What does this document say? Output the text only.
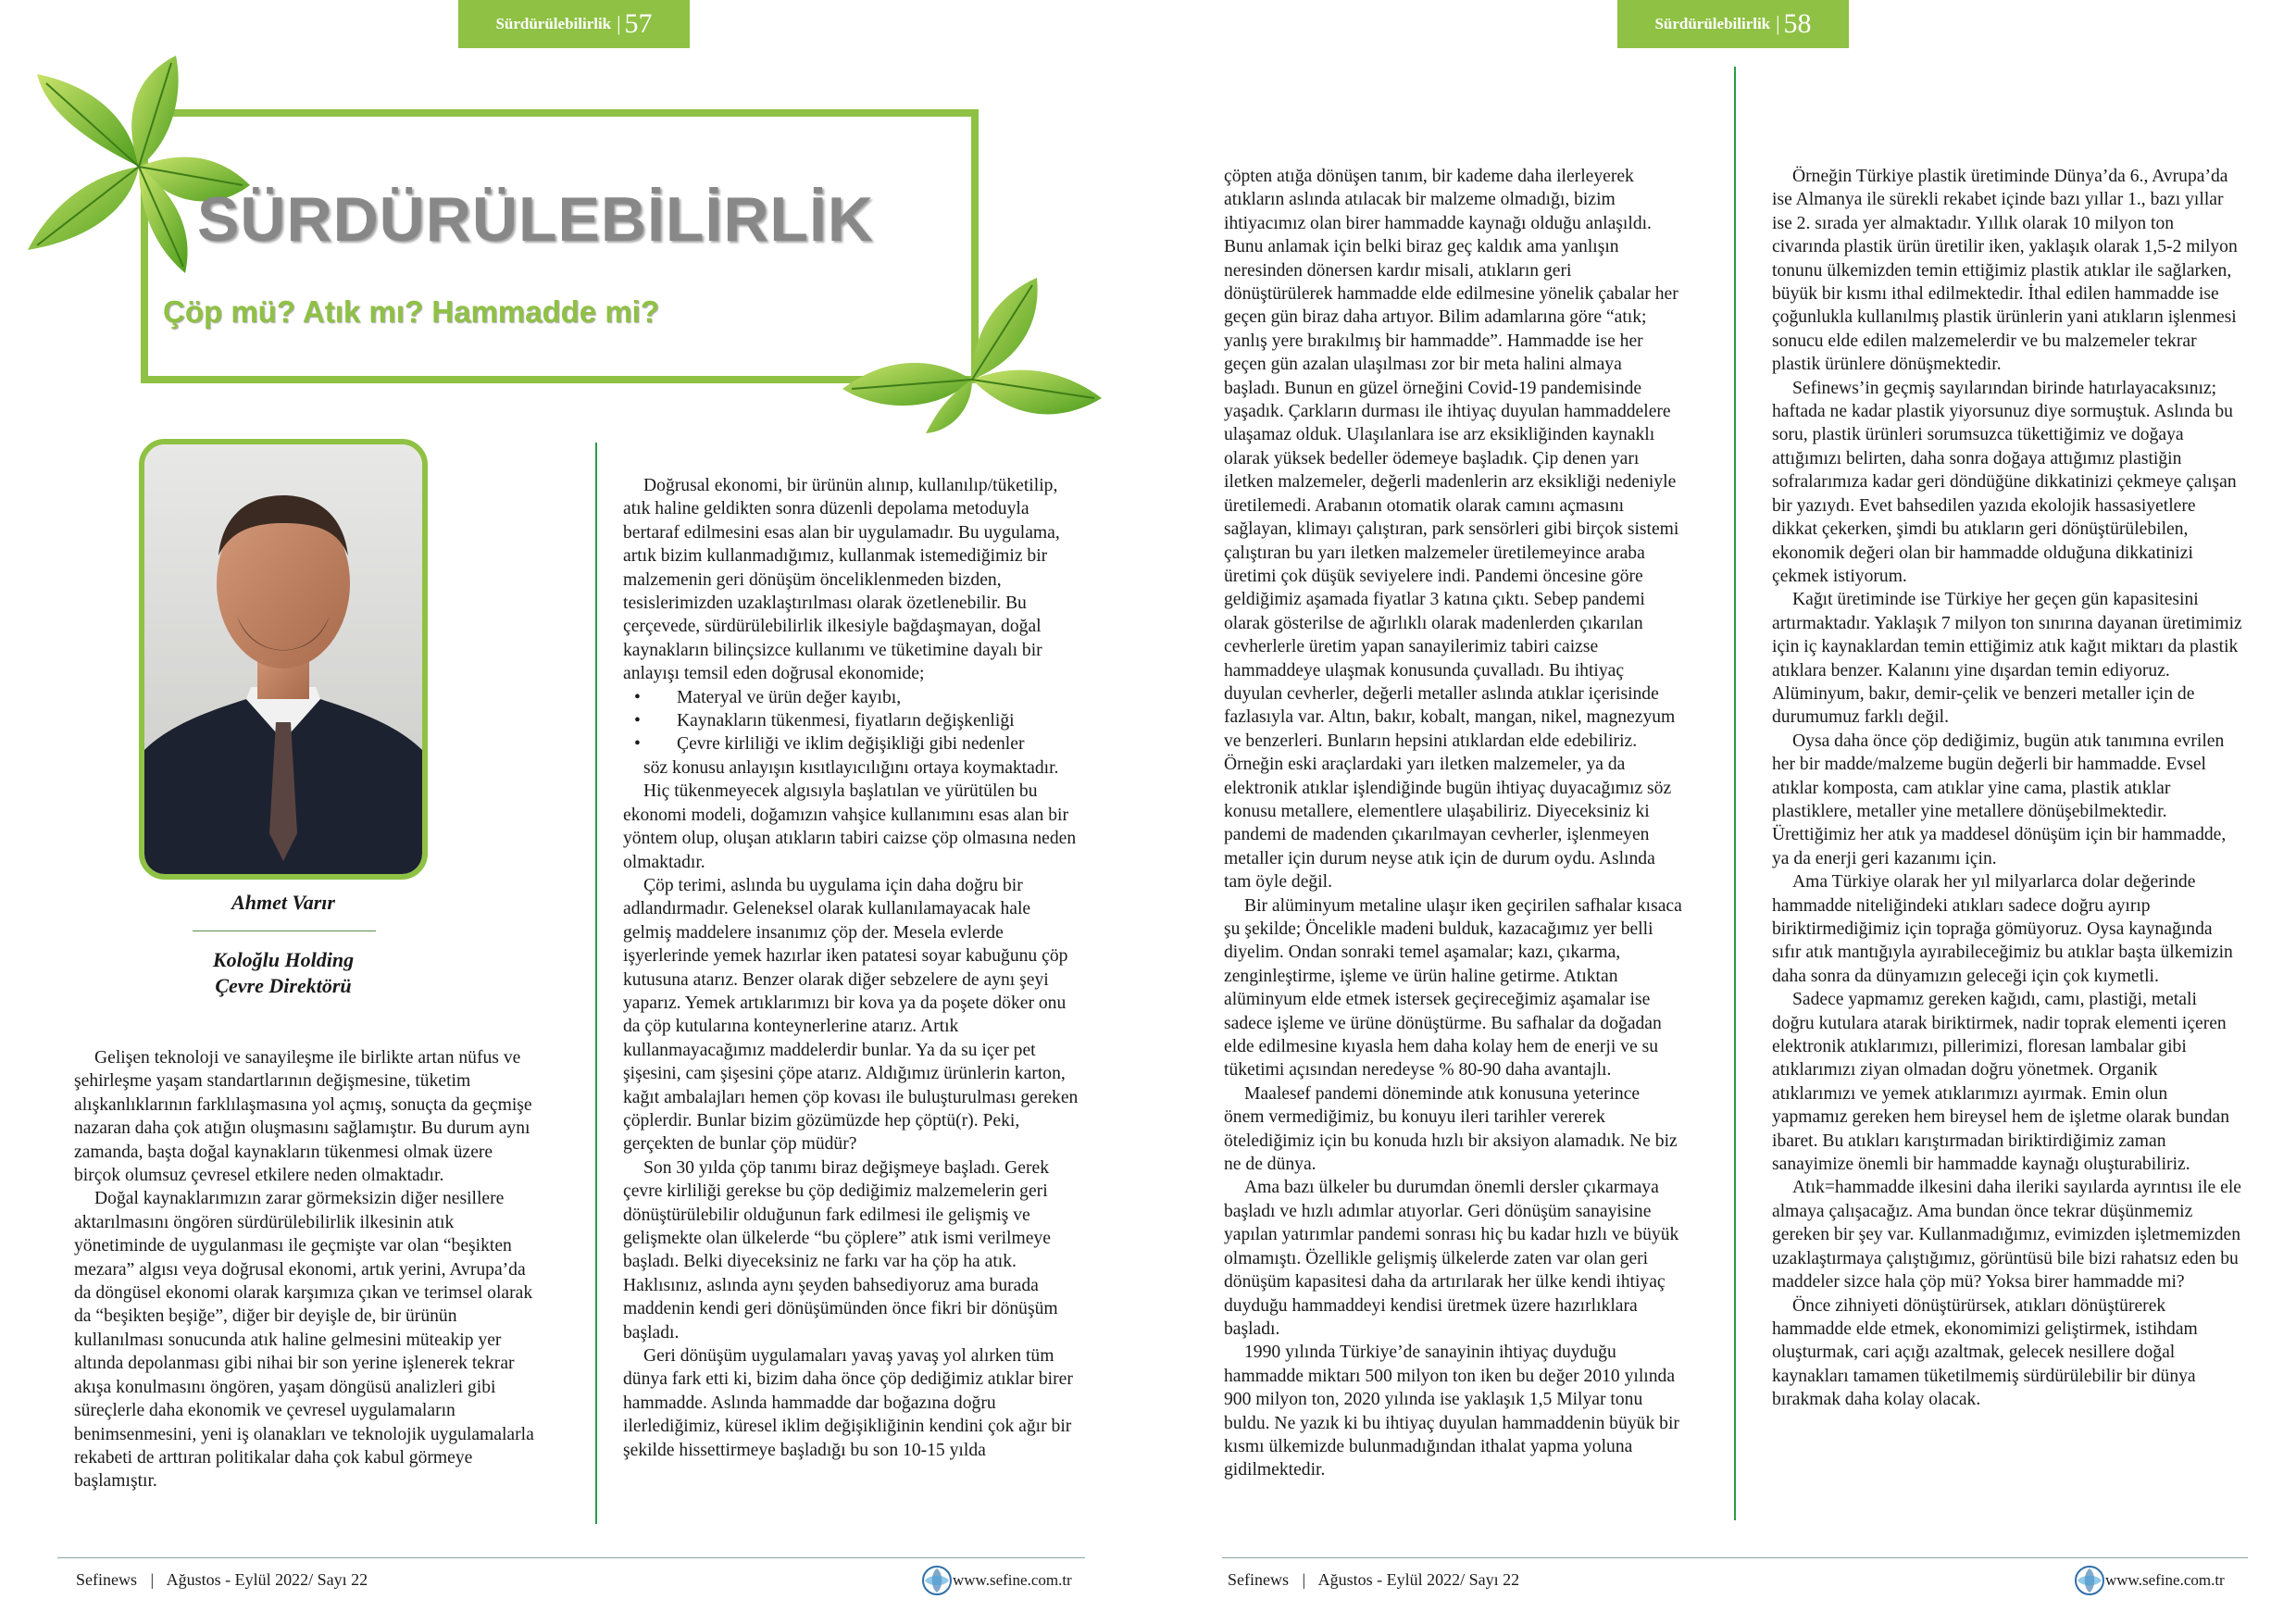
Sürdürülebilirlik | 57
SÜRDÜRÜLEBİLİRLİK
Çöp mü? Atık mı? Hammadde mi?
Ahmet Varır
Koloğlu Holding
Çevre Direktörü

Gelişen teknoloji ve sanayileşme ile birlikte artan nüfus ve şehirleşme yaşam standartlarının değişmesine, tüketim alışkanlıklarının farklılaşmasına yol açmış, sonuçta da geçmişe nazaran daha çok atığın oluşmasını sağlamıştır. Bu durum aynı zamanda, başta doğal kaynakların tükenmesi olmak üzere birçok olumsuz çevresel etkilere neden olmaktadır.

Doğal kaynaklarımızın zarar görmeksizin diğer nesillere aktarılmasını öngören sürdürülebilirlik ilkesinin atık yönetiminde de uygulanması ile geçmişte var olan “beşikten mezara” algısı veya doğrusal ekonomi, artık yerini, Avrupa’da da döngüsel ekonomi olarak karşımıza çıkan ve terimsel olarak da “beşikten beşiğe”, diğer bir deyişle de, bir ürünün kullanılması sonucunda atık haline gelmesini müteakip yer altında depolanması gibi nihai bir son yerine işlenerek tekrar akışa konulmasını öngören, yaşam döngüsü analizleri gibi süreçlerle daha ekonomik ve çevresel uygulamaların benimsenmesini, yeni iş olanakları ve teknolojik uygulamalarla rekabeti de arttıran politikalar daha çok kabul görmeye başlamıştır.

Doğrusal ekonomi, bir ürünün alınıp, kullanılıp/tüketilip, atık haline geldikten sonra düzenli depolama metoduyla bertaraf edilmesini esas alan bir uygulamadır. Bu uygulama, artık bizim kullanmadığımız, kullanmak istemediğimiz bir malzemenin geri dönüşüm önceliklenmeden bizden, tesislerimizden uzaklaştırılması olarak özetlenebilir. Bu çerçevede, sürdürülebilirlik ilkesiyle bağdaşmayan, doğal kaynakların bilinçsizce kullanımı ve tüketimine dayalı bir anlayışı temsil eden doğrusal ekonomide;

• Materyal ve ürün değer kayıbı,
• Kaynakların tükenmesi, fiyatların değişkenliği
• Çevre kirliliği ve iklim değişikliği gibi nedenler

söz konusu anlayışın kısıtlayıcılığını ortaya koymaktadır.

Hiç tükenmeyecek algısıyla başlatılan ve yürütülen bu ekonomi modeli, doğamızın vahşice kullanımını esas alan bir yöntem olup, oluşan atıkların tabiri caizse çöp olmasına neden olmaktadır.

Çöp terimi, aslında bu uygulama için daha doğru bir adlandırmadır. Geleneksel olarak kullanılamayacak hale gelmiş maddelere insanımız çöp der. Mesela evlerde işyerlerinde yemek hazırlar iken patatesi soyar kabuğunu çöp kutusuna atarız. Benzer olarak diğer sebzelere de aynı şeyi yaparız. Yemek artıklarımızı bir kova ya da poşete döker onu da çöp kutularına konteynerlerine atarız. Artık kullanmayacağımız maddelerdir bunlar. Ya da su içer pet şişesini, cam şişesini çöpe atarız. Aldığımız ürünlerin karton, kağıt ambalajları hemen çöp kovası ile buluşturulması gereken çöplerdir. Bunlar bizim gözümüzde hep çöptü(r). Peki, gerçekten de bunlar çöp müdür?

Son 30 yılda çöp tanımı biraz değişmeye başladı. Gerek çevre kirliliği gerekse bu çöp dediğimiz malzemelerin geri dönüştürülebilir olduğunun fark edilmesi ile gelişmiş ve gelişmekte olan ülkelerde “bu çöplere” atık ismi verilmeye başladı. Belki diyeceksiniz ne farkı var ha çöp ha atık. Haklısınız, aslında aynı şeyden bahsediyoruz ama burada maddenin kendi geri dönüşümünden önce fikri bir dönüşüm başladı.

Geri dönüşüm uygulamaları yavaş yavaş yol alırken tüm dünya fark etti ki, bizim daha önce çöp dediğimiz atıklar birer hammadde. Aslında hammadde dar boğazına doğru ilerlediğimiz, küresel iklim değişikliğinin kendini çok ağır bir şekilde hissettirmeye başladığı bu son 10-15 yılda

Sefinews | Ağustos - Eylül 2022/ Sayı 22	www.sefine.com.tr
Sürdürülebilirlik | 58

çöpten atığa dönüşen tanım, bir kademe daha ilerleyerek atıkların aslında atılacak bir malzeme olmadığı, bizim ihtiyacımız olan birer hammadde kaynağı olduğu anlaşıldı. Bunu anlamak için belki biraz geç kaldık ama yanlışın neresinden dönersen kardır misali, atıkların geri dönüştürülerek hammadde elde edilmesine yönelik çabalar her geçen gün biraz daha artıyor. Bilim adamlarına göre “atık; yanlış yere bırakılmış bir hammadde”. Hammadde ise her geçen gün azalan ulaşılması zor bir meta halini almaya başladı. Bunun en güzel örneğini Covid-19 pandemisinde yaşadık. Çarkların durması ile ihtiyaç duyulan hammaddelere ulaşamaz olduk. Ulaşılanlara ise arz eksikliğinden kaynaklı olarak yüksek bedeller ödemeye başladık. Çip denen yarı iletken malzemeler, değerli madenlerin arz eksikliği nedeniyle üretilemedi. Arabanın otomatik olarak camını açmasını sağlayan, klimayı çalıştıran, park sensörleri gibi birçok sistemi çalıştıran bu yarı iletken malzemeler üretilemeyince araba üretimi çok düşük seviyelere indi. Pandemi öncesine göre geldiğimiz aşamada fiyatlar 3 katına çıktı. Sebep pandemi olarak gösterilse de ağırlıklı olarak madenlerden çıkarılan cevherlerle üretim yapan sanayilerimiz tabiri caizse hammaddeye ulaşmak konusunda çuvalladı. Bu ihtiyaç duyulan cevherler, değerli metaller aslında atıklar içerisinde fazlasıyla var. Altın, bakır, kobalt, mangan, nikel, magnezyum ve benzerleri. Bunların hepsini atıklardan elde edebiliriz. Örneğin eski araçlardaki yarı iletken malzemeler, ya da elektronik atıklar işlendiğinde bugün ihtiyaç duyacağımız söz konusu metallere, elementlere ulaşabiliriz. Diyeceksiniz ki pandemi de madenden çıkarılmayan cevherler, işlenmeyen metaller için durum neyse atık için de durum oydu. Aslında tam öyle değil.

Bir alüminyum metaline ulaşır iken geçirilen safhalar kısaca şu şekilde; Öncelikle madeni bulduk, kazacağımız yer belli diyelim. Ondan sonraki temel aşamalar; kazı, çıkarma, zenginleştirme, işleme ve ürün haline getirme. Atıktan alüminyum elde etmek istersek geçireceğimiz aşamalar ise sadece işleme ve ürüne dönüştürme. Bu safhalar da doğadan elde edilmesine kıyasla hem daha kolay hem de enerji ve su tüketimi açısından neredeyse % 80-90 daha avantajlı.

Maalesef pandemi döneminde atık konusuna yeterince önem vermediğimiz, bu konuyu ileri tarihler vererek ötelediğimiz için bu konuda hızlı bir aksiyon alamadık. Ne biz ne de dünya.

Ama bazı ülkeler bu durumdan önemli dersler çıkarmaya başladı ve hızlı adımlar atıyorlar. Geri dönüşüm sanayisine yapılan yatırımlar pandemi sonrası hiç bu kadar hızlı ve büyük olmamıştı. Özellikle gelişmiş ülkelerde zaten var olan geri dönüşüm kapasitesi daha da artırılarak her ülke kendi ihtiyaç duyduğu hammaddeyi kendisi üretmek üzere hazırlıklara başladı.

1990 yılında Türkiye’de sanayinin ihtiyaç duyduğu hammadde miktarı 500 milyon ton iken bu değer 2010 yılında 900 milyon ton, 2020 yılında ise yaklaşık 1,5 Milyar tonu buldu. Ne yazık ki bu ihtiyaç duyulan hammaddenin büyük bir kısmı ülkemizde bulunmadığından ithalat yapma yoluna gidilmektedir.

Örneğin Türkiye plastik üretiminde Dünya’da 6., Avrupa’da ise Almanya ile sürekli rekabet içinde bazı yıllar 1., bazı yıllar ise 2. sırada yer almaktadır. Yıllık olarak 10 milyon ton civarında plastik ürün üretilir iken, yaklaşık olarak 1,5-2 milyon tonunu ülkemizden temin ettiğimiz plastik atıklar ile sağlarken, büyük bir kısmı ithal edilmektedir. İthal edilen hammadde ise çoğunlukla kullanılmış plastik ürünlerin yani atıkların işlenmesi sonucu elde edilen malzemelerdir ve bu malzemeler tekrar plastik ürünlere dönüşmektedir.

Sefinews’in geçmiş sayılarından birinde hatırlayacaksınız; haftada ne kadar plastik yiyorsunuz diye sormuştuk. Aslında bu soru, plastik ürünleri sorumsuzca tükettiğimiz ve doğaya attığımızı belirten, daha sonra doğaya attığımız plastiğin sofralarımıza kadar geri döndüğüne dikkatinizi çekmeye çalışan bir yazıydı. Evet bahsedilen yazıda ekolojik hassasiyetlere dikkat çekerken, şimdi bu atıkların geri dönüştürülebilen, ekonomik değeri olan bir hammadde olduğuna dikkatinizi çekmek istiyorum.

Kağıt üretiminde ise Türkiye her geçen gün kapasitesini artırmaktadır. Yaklaşık 7 milyon ton sınırına dayanan üretimimiz için iç kaynaklardan temin ettiğimiz atık kağıt miktarı da plastik atıklara benzer. Kalanını yine dışardan temin ediyoruz. Alüminyum, bakır, demir-çelik ve benzeri metaller için de durumumuz farklı değil.

Oysa daha önce çöp dediğimiz, bugün atık tanımına evrilen her bir madde/malzeme bugün değerli bir hammadde. Evsel atıklar komposta, cam atıklar yine cama, plastik atıklar plastiklere, metaller yine metallere dönüşebilmektedir. Ürettiğimiz her atık ya maddesel dönüşüm için bir hammadde, ya da enerji geri kazanımı için.

Ama Türkiye olarak her yıl milyarlarca dolar değerinde hammadde niteliğindeki atıkları sadece doğru ayırıp biriktirmediğimiz için toprağa gömüyoruz. Oysa kaynağında sıfır atık mantığıyla ayırabileceğimiz bu atıklar başta ülkemizin daha sonra da dünyamızın geleceği için çok kıymetli.

Sadece yapmamız gereken kağıdı, camı, plastiği, metali doğru kutulara atarak biriktirmek, nadir toprak elementi içeren elektronik atıklarımızı, pillerimizi, floresan lambalar gibi atıklarımızı ziyan olmadan doğru yönetmek. Organik atıklarımızı ve yemek atıklarımızı ayırmak. Emin olun yapmamız gereken hem bireysel hem de işletme olarak bundan ibaret. Bu atıkları karıştırmadan biriktirdiğimiz zaman sanayimize önemli bir hammadde kaynağı oluşturabiliriz.

Atık=hammadde ilkesini daha ileriki sayılarda ayrıntısı ile ele almaya çalışacağız. Ama bundan önce tekrar düşünmemiz gereken bir şey var. Kullanmadığımız, evimizden işletmemizden uzaklaştırmaya çalıştığımız, görüntüsü bile bizi rahatsız eden bu maddeler sizce hala çöp mü? Yoksa birer hammadde mi?

Önce zihniyeti dönüştürürsek, atıkları dönüştürerek hammadde elde etmek, ekonomimizi geliştirmek, istihdam oluşturmak, cari açığı azaltmak, gelecek nesillere doğal kaynakları tamamen tüketilmemiş sürdürülebilir bir dünya bırakmak daha kolay olacak.

Sefinews | Ağustos - Eylül 2022/ Sayı 22	www.sefine.com.tr
